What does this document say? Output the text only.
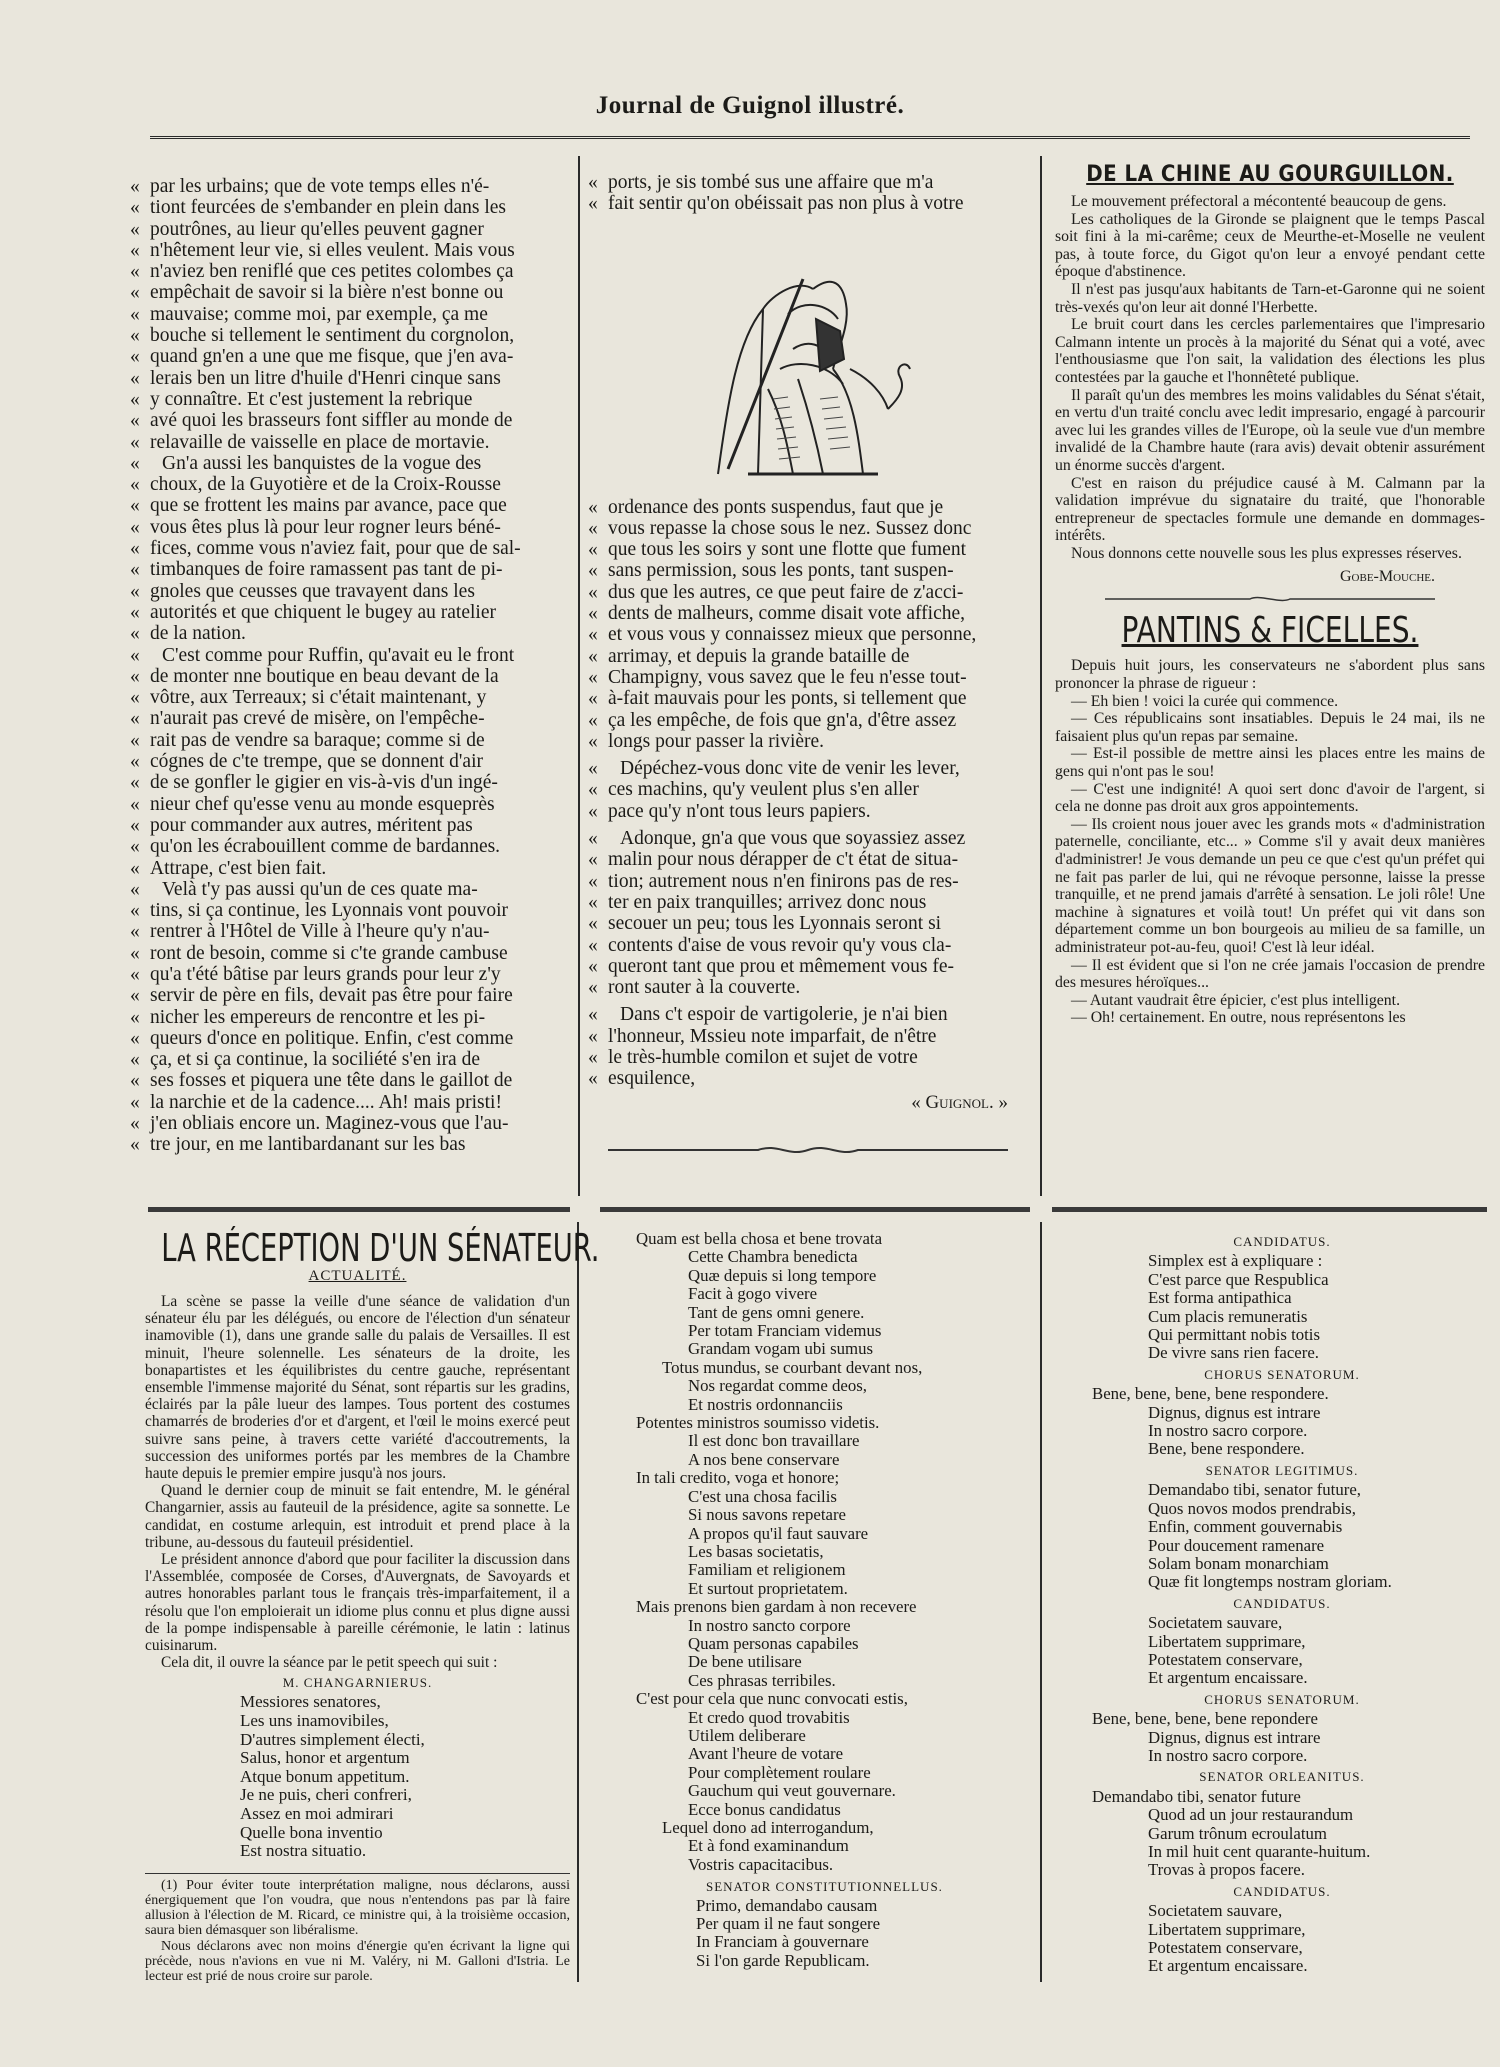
Journal de Guignol illustré.
« par les urbains; que de vote temps elles n'é-
« tiont feurcées de s'embander en plein dans les
« poutrônes, au lieur qu'elles peuvent gagner
« n'hêtement leur vie, si elles veulent. Mais vous
« n'aviez ben reniflé que ces petites colombes ça
« empêchait de savoir si la bière n'est bonne ou
« mauvaise; comme moi, par exemple, ça me
« bouche si tellement le sentiment du corgnolon,
« quand gn'en a une que me fisque, que j'en ava-
« lerais ben un litre d'huile d'Henri cinque sans
« y connaître. Et c'est justement la rebrique
« avé quoi les brasseurs font siffler au monde de
« relavaille de vaisselle en place de mortavie.
« Gn'a aussi les banquistes de la vogue des
« choux, de la Guyotière et de la Croix-Rousse
« que se frottent les mains par avance, pace que
« vous êtes plus là pour leur rogner leurs béné-
« fices, comme vous n'aviez fait, pour que de sal-
« timbanques de foire ramassent pas tant de pi-
« gnoles que ceusses que travayent dans les
« autorités et que chiquent le bugey au ratelier
« de la nation.
« C'est comme pour Ruffin, qu'avait eu le front
« de monter nne boutique en beau devant de la
« vôtre, aux Terreaux; si c'était maintenant, y
« n'aurait pas crevé de misère, on l'empêche-
« rait pas de vendre sa baraque; comme si de
« cógnes de c'te trempe, que se donnent d'air
« de se gonfler le gigier en vis-à-vis d'un ingé-
« nieur chef qu'esse venu au monde esqueprès
« pour commander aux autres, méritent pas
« qu'on les écrabouillent comme de bardannes.
« Attrape, c'est bien fait.
« Velà t'y pas aussi qu'un de ces quate ma-
« tins, si ça continue, les Lyonnais vont pouvoir
« rentrer à l'Hôtel de Ville à l'heure qu'y n'au-
« ront de besoin, comme si c'te grande cambuse
« qu'a t'été bâtise par leurs grands pour leur z'y
« servir de père en fils, devait pas être pour faire
« nicher les empereurs de rencontre et les pi-
« queurs d'once en politique. Enfin, c'est comme
« ça, et si ça continue, la sociliété s'en ira de
« ses fosses et piquera une tête dans le gaillot de
« la narchie et de la cadence.... Ah! mais pristi!
« j'en obliais encore un. Maginez-vous que l'au-
« tre jour, en me lantibardanant sur les bas
« ports, je sis tombé sus une affaire que m'a
« fait sentir qu'on obéissait pas non plus à votre
« ordenance des ponts suspendus, faut que je
« vous repasse la chose sous le nez. Sussez donc
« que tous les soirs y sont une flotte que fument
« sans permission, sous les ponts, tant suspen-
« dus que les autres, ce que peut faire de z'acci-
« dents de malheurs, comme disait vote affiche,
« et vous vous y connaissez mieux que personne,
« arrimay, et depuis la grande bataille de
« Champigny, vous savez que le feu n'esse tout-
« à-fait mauvais pour les ponts, si tellement que
« ça les empêche, de fois que gn'a, d'être assez
« longs pour passer la rivière.
« Dépéchez-vous donc vite de venir les lever,
« ces machins, qu'y veulent plus s'en aller
« pace qu'y n'ont tous leurs papiers.
« Adonque, gn'a que vous que soyassiez assez
« malin pour nous dérapper de c't état de situa-
« tion; autrement nous n'en finirons pas de res-
« ter en paix tranquilles; arrivez donc nous
« secouer un peu; tous les Lyonnais seront si
« contents d'aise de vous revoir qu'y vous cla-
« queront tant que prou et mêmement vous fe-
« ront sauter à la couverte.
« Dans c't espoir de vartigolerie, je n'ai bien
« l'honneur, Mssieu note imparfait, de n'être
« le très-humble comilon et sujet de votre
« esquilence,
« Guignol. »
DE LA CHINE AU GOURGUILLON.

Le mouvement préfectoral a mécontenté beaucoup de gens.

Les catholiques de la Gironde se plaignent que le temps Pascal soit fini à la mi-carême; ceux de Meurthe-et-Moselle ne veulent pas, à toute force, du Gigot qu'on leur a envoyé pendant cette époque d'abstinence.

Il n'est pas jusqu'aux habitants de Tarn-et-Garonne qui ne soient très-vexés qu'on leur ait donné l'Herbette.

Le bruit court dans les cercles parlementaires que l'impresario Calmann intente un procès à la majorité du Sénat qui a voté, avec l'enthousiasme que l'on sait, la validation des élections les plus contestées par la gauche et l'honnêteté publique.

Il paraît qu'un des membres les moins validables du Sénat s'était, en vertu d'un traité conclu avec ledit impresario, engagé à parcourir avec lui les grandes villes de l'Europe, où la seule vue d'un membre invalidé de la Chambre haute (rara avis) devait obtenir assurément un énorme succès d'argent.

C'est en raison du préjudice causé à M. Calmann par la validation imprévue du signataire du traité, que l'honorable entrepreneur de spectacles formule une demande en dommages-intérêts.

Nous donnons cette nouvelle sous les plus expresses réserves.

Gobe-Mouche.
PANTINS & FICELLES.

Depuis huit jours, les conservateurs ne s'abordent plus sans prononcer la phrase de rigueur :

— Eh bien ! voici la curée qui commence.

— Ces républicains sont insatiables. Depuis le 24 mai, ils ne faisaient plus qu'un repas par semaine.

— Est-il possible de mettre ainsi les places entre les mains de gens qui n'ont pas le sou!

— C'est une indignité! A quoi sert donc d'avoir de l'argent, si cela ne donne pas droit aux gros appointements.

— Ils croient nous jouer avec les grands mots « d'administration paternelle, conciliante, etc... » Comme s'il y avait deux manières d'administrer! Je vous demande un peu ce que c'est qu'un préfet qui ne fait pas parler de lui, qui ne révoque personne, laisse la presse tranquille, et ne prend jamais d'arrêté à sensation. Le joli rôle! Une machine à signatures et voilà tout! Un préfet qui vit dans son département comme un bon bourgeois au milieu de sa famille, un administrateur pot-au-feu, quoi! C'est là leur idéal.

— Il est évident que si l'on ne crée jamais l'occasion de prendre des mesures héroïques...

— Autant vaudrait être épicier, c'est plus intelligent.

— Oh! certainement. En outre, nous représentons les

LA RÉCEPTION D'UN SÉNATEUR.
ACTUALITÉ.

La scène se passe la veille d'une séance de validation d'un sénateur élu par les délégués, ou encore de l'élection d'un sénateur inamovible (1), dans une grande salle du palais de Versailles. Il est minuit, l'heure solennelle. Les sénateurs de la droite, les bonapartistes et les équilibristes du centre gauche, représentant ensemble l'immense majorité du Sénat, sont répartis sur les gradins, éclairés par la pâle lueur des lampes. Tous portent des costumes chamarrés de broderies d'or et d'argent, et l'œil le moins exercé peut suivre sans peine, à travers cette variété d'accoutrements, la succession des uniformes portés par les membres de la Chambre haute depuis le premier empire jusqu'à nos jours.

Quand le dernier coup de minuit se fait entendre, M. le général Changarnier, assis au fauteuil de la présidence, agite sa sonnette. Le candidat, en costume arlequin, est introduit et prend place à la tribune, au-dessous du fauteuil présidentiel.

Le président annonce d'abord que pour faciliter la discussion dans l'Assemblée, composée de Corses, d'Auvergnats, de Savoyards et autres honorables parlant tous le français très-imparfaitement, il a résolu que l'on emploierait un idiome plus connu et plus digne aussi de la pompe indispensable à pareille cérémonie, le latin : latinus cuisinarum.

Cela dit, il ouvre la séance par le petit speech qui suit :

M. CHANGARNIERUS.
Messiores senatores,
Les uns inamovibiles,
D'autres simplement électi,
Salus, honor et argentum
Atque bonum appetitum.
Je ne puis, cheri confreri,
Assez en moi admirari
Quelle bona inventio
Est nostra situatio.

(1) Pour éviter toute interprétation maligne, nous déclarons, aussi énergiquement que l'on voudra, que nous n'entendons pas par là faire allusion à l'élection de M. Ricard, ce ministre qui, à la troisième occasion, saura bien démasquer son libéralisme.

Nous déclarons avec non moins d'énergie qu'en écrivant la ligne qui précède, nous n'avions en vue ni M. Valéry, ni M. Galloni d'Istria. Le lecteur est prié de nous croire sur parole.

Quam est bella chosa et bene trovata
Cette Chambra benedicta
Quæ depuis si long tempore
Facit à gogo vivere
Tant de gens omni genere.
Per totam Franciam videmus
Grandam vogam ubi sumus
Totus mundus, se courbant devant nos,
Nos regardat comme deos,
Et nostris ordonnanciis
Potentes ministros soumisso videtis.
Il est donc bon travaillare
A nos bene conservare
In tali credito, voga et honore;
C'est una chosa facilis
Si nous savons repetare
A propos qu'il faut sauvare
Les basas societatis,
Familiam et religionem
Et surtout proprietatem.
Mais prenons bien gardam à non recevere
In nostro sancto corpore
Quam personas capabiles
De bene utilisare
Ces phrasas terribiles.
C'est pour cela que nunc convocati estis,
Et credo quod trovabitis
Utilem deliberare
Avant l'heure de votare
Pour complètement roulare
Gauchum qui veut gouvernare.
Ecce bonus candidatus
Lequel dono ad interrogandum,
Et à fond examinandum
Vostris capacitacibus.
SENATOR CONSTITUTIONNELLUS.
Primo, demandabo causam
Per quam il ne faut songere
In Franciam à gouvernare
Si l'on garde Republicam.
CANDIDATUS.
Simplex est à expliquare :
C'est parce que Respublica
Est forma antipathica
Cum placis remuneratis
Qui permittant nobis totis
De vivre sans rien facere.
CHORUS SENATORUM.
Bene, bene, bene, bene respondere.
Dignus, dignus est intrare
In nostro sacro corpore.
Bene, bene respondere.
SENATOR LEGITIMUS.
Demandabo tibi, senator future,
Quos novos modos prendrabis,
Enfin, comment gouvernabis
Pour doucement ramenare
Solam bonam monarchiam
Quæ fit longtemps nostram gloriam.
CANDIDATUS.
Societatem sauvare,
Libertatem supprimare,
Potestatem conservare,
Et argentum encaissare.
CHORUS SENATORUM.
Bene, bene, bene, bene repondere
Dignus, dignus est intrare
In nostro sacro corpore.
SENATOR ORLEANITUS.
Demandabo tibi, senator future
Quod ad un jour restaurandum
Garum trônum ecroulatum
In mil huit cent quarante-huitum.
Trovas à propos facere.
CANDIDATUS.
Societatem sauvare,
Libertatem supprimare,
Potestatem conservare,
Et argentum encaissare.
